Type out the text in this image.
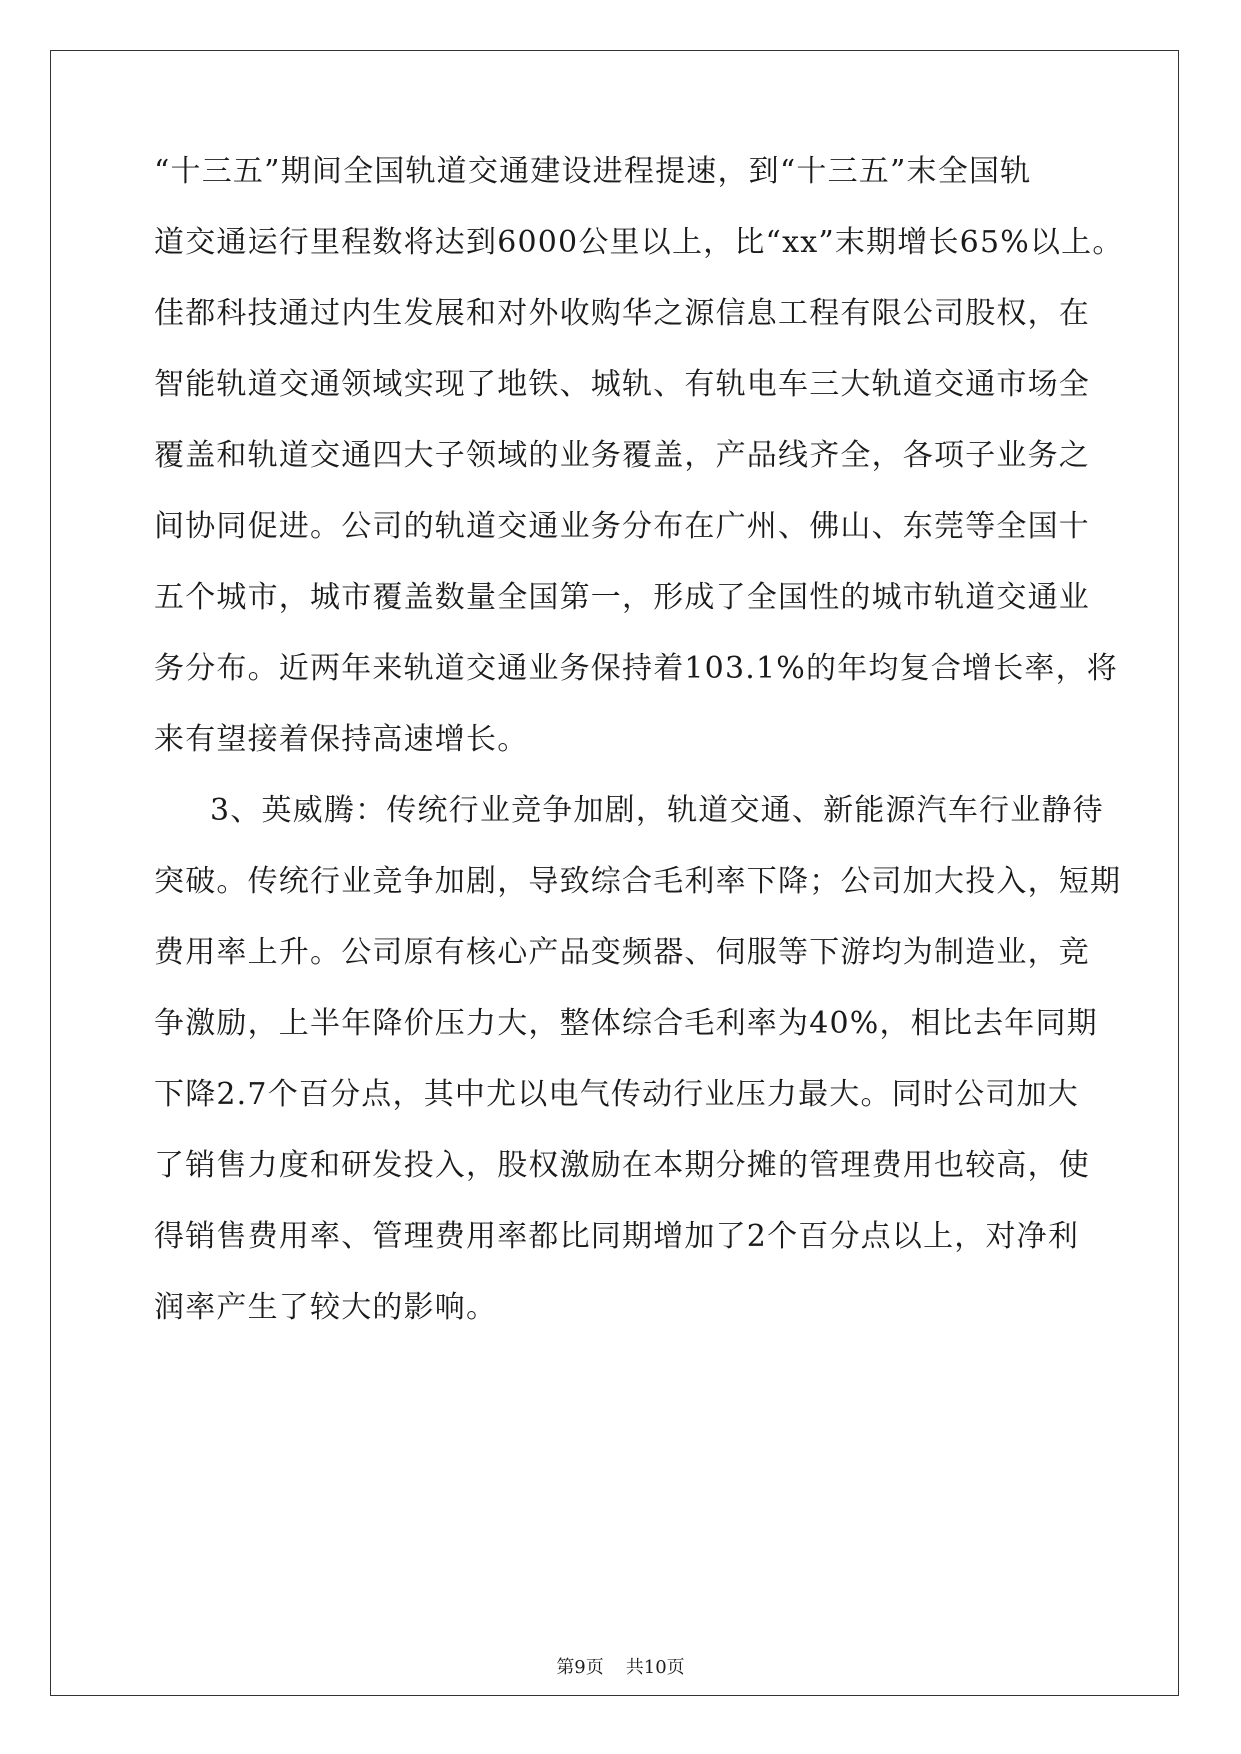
“十三五”期间全国轨道交通建设进程提速，到“十三五”末全国轨
道交通运行里程数将达到6000公里以上，比“xx”末期增长65%以上。
佳都科技通过内生发展和对外收购华之源信息工程有限公司股权，在
智能轨道交通领域实现了地铁、城轨、有轨电车三大轨道交通市场全
覆盖和轨道交通四大子领域的业务覆盖，产品线齐全，各项子业务之
间协同促进。公司的轨道交通业务分布在广州、佛山、东莞等全国十
五个城市，城市覆盖数量全国第一，形成了全国性的城市轨道交通业
务分布。近两年来轨道交通业务保持着103.1%的年均复合增长率，将
来有望接着保持高速增长。
3、英威腾：传统行业竞争加剧，轨道交通、新能源汽车行业静待
突破。传统行业竞争加剧，导致综合毛利率下降；公司加大投入，短期
费用率上升。公司原有核心产品变频器、伺服等下游均为制造业，竞
争激励，上半年降价压力大，整体综合毛利率为40%，相比去年同期
下降2.7个百分点，其中尤以电气传动行业压力最大。同时公司加大
了销售力度和研发投入，股权激励在本期分摊的管理费用也较高，使
得销售费用率、管理费用率都比同期增加了2个百分点以上，对净利
润率产生了较大的影响。
第9页 共10页
